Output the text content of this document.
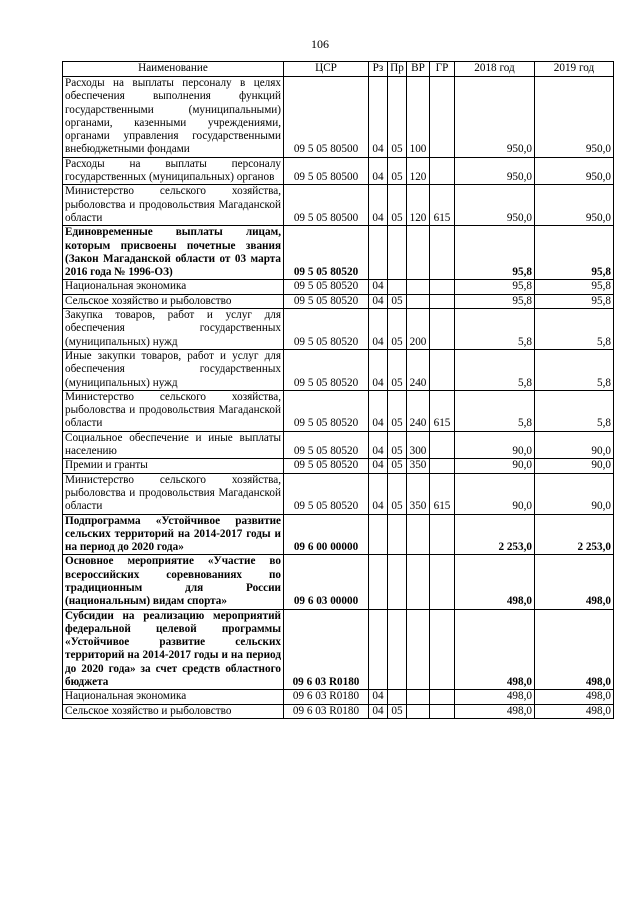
106
Наименование	ЦСР	Рз	Пр	ВР	ГР	2018 год	2019 год
Расходы на выплаты персоналу в целях обеспечения выполнения функций государственными (муниципальными) органами, казенными учреждениями, органами управления государственными внебюджетными фондами	09 5 05 80500	04	05	100		950,0	950,0
Расходы на выплаты персоналу государственных (муниципальных) органов	09 5 05 80500	04	05	120		950,0	950,0
Министерство сельского хозяйства, рыболовства и продовольствия Магаданской области	09 5 05 80500	04	05	120	615	950,0	950,0
Единовременные выплаты лицам, которым присвоены почетные звания (Закон Магаданской области от 03 марта 2016 года № 1996-ОЗ)	09 5 05 80520					95,8	95,8
Национальная экономика	09 5 05 80520	04				95,8	95,8
Сельское хозяйство и рыболовство	09 5 05 80520	04	05			95,8	95,8
Закупка товаров, работ и услуг для обеспечения государственных (муниципальных) нужд	09 5 05 80520	04	05	200		5,8	5,8
Иные закупки товаров, работ и услуг для обеспечения государственных (муниципальных) нужд	09 5 05 80520	04	05	240		5,8	5,8
Министерство сельского хозяйства, рыболовства и продовольствия Магаданской области	09 5 05 80520	04	05	240	615	5,8	5,8
Социальное обеспечение и иные выплаты населению	09 5 05 80520	04	05	300		90,0	90,0
Премии и гранты	09 5 05 80520	04	05	350		90,0	90,0
Министерство сельского хозяйства, рыболовства и продовольствия Магаданской области	09 5 05 80520	04	05	350	615	90,0	90,0
Подпрограмма «Устойчивое развитие сельских территорий на 2014-2017 годы и на период до 2020 года»	09 6 00 00000					2 253,0	2 253,0
Основное мероприятие «Участие во всероссийских соревнованиях по традиционным для России (национальным) видам спорта»	09 6 03 00000					498,0	498,0
Субсидии на реализацию мероприятий федеральной целевой программы «Устойчивое развитие сельских территорий на 2014-2017 годы и на период до 2020 года» за счет средств областного бюджета	09 6 03 R0180					498,0	498,0
Национальная экономика	09 6 03 R0180	04				498,0	498,0
Сельское хозяйство и рыболовство	09 6 03 R0180	04	05			498,0	498,0
